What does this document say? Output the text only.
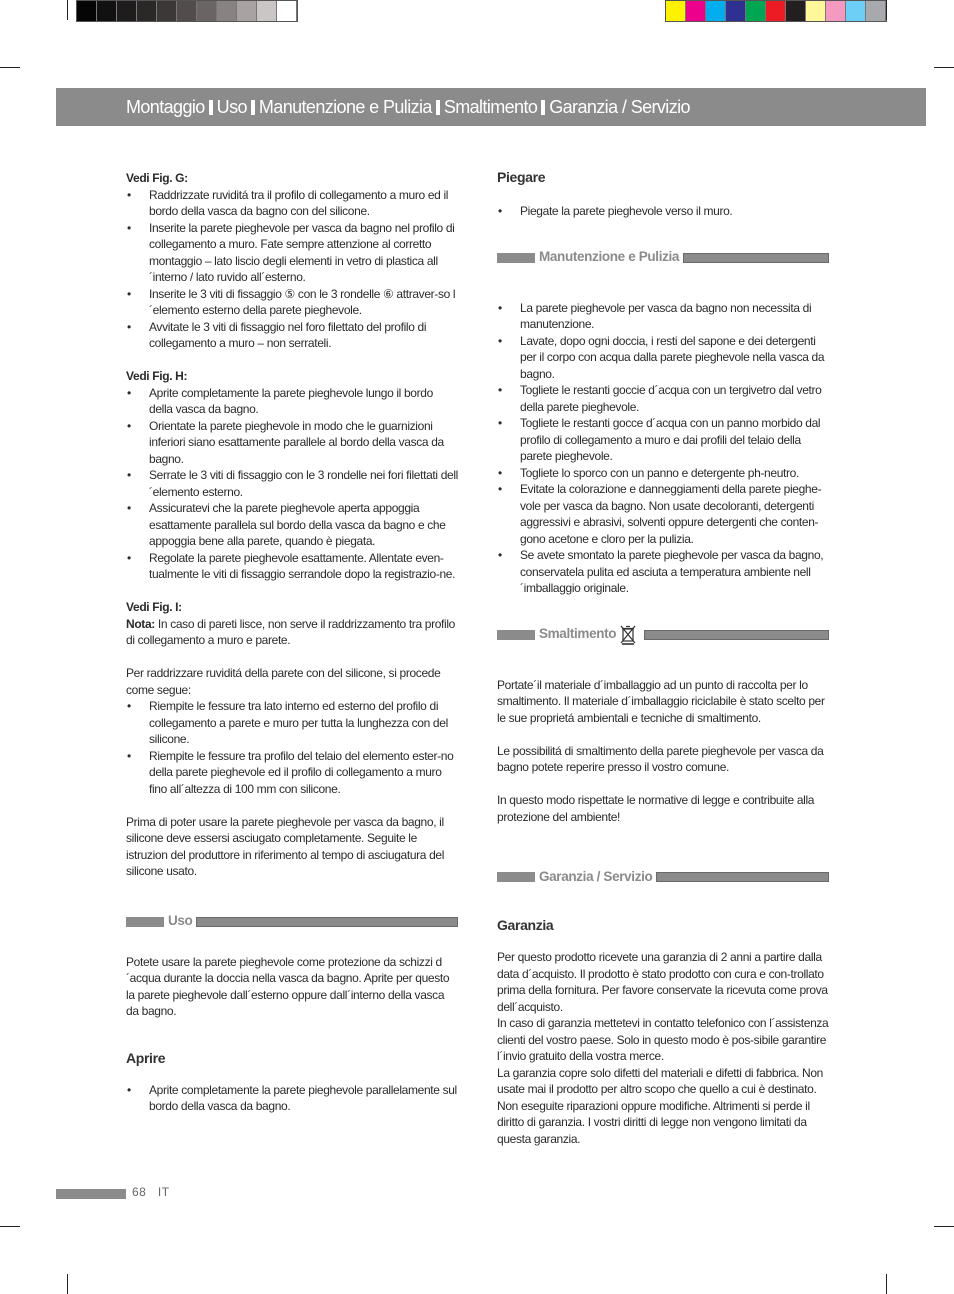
Montaggio Uso Manutenzione e Pulizia Smaltimento Garanzia / Servizio

Vedi Fig. G:

• Raddrizzate ruviditá tra il profilo di collegamento a muro ed il bordo della vasca da bagno con del silicone.
• Inserite la parete pieghevole per vasca da bagno nel profilo di collegamento a muro. Fate sempre attenzione al corretto montaggio – lato liscio degli elementi in vetro di plastica all´interno / lato ruvido all´esterno.
• Inserite le 3 viti di fissaggio ⑤ con le 3 rondelle ⑥ attraver-so l´elemento esterno della parete pieghevole.
• Avvitate le 3 viti di fissaggio nel foro filettato del profilo di collegamento a muro – non serrateli.

Vedi Fig. H:

• Aprite completamente la parete pieghevole lungo il bordo della vasca da bagno.
• Orientate la parete pieghevole in modo che le guarnizioni inferiori siano esattamente parallele al bordo della vasca da bagno.
• Serrate le 3 viti di fissaggio con le 3 rondelle nei fori filettati dell´elemento esterno.
• Assicuratevi che la parete pieghevole aperta appoggia esattamente parallela sul bordo della vasca da bagno e che appoggia bene alla parete, quando è piegata.
• Regolate la parete pieghevole esattamente. Allentate even-tualmente le viti di fissaggio serrandole dopo la registrazio-ne.

Vedi Fig. I:

Nota: In caso di pareti lisce, non serve il raddrizzamento tra profilo di collegamento a muro e parete.

Per raddrizzare ruviditá della parete con del silicone, si procede come segue:

• Riempite le fessure tra lato interno ed esterno del profilo di collegamento a parete e muro per tutta la lunghezza con del silicone.
• Riempite le fessure tra profilo del telaio del elemento ester-no della parete pieghevole ed il profilo di collegamento a muro fino all´altezza di 100 mm con silicone.

Prima di poter usare la parete pieghevole per vasca da bagno, il silicone deve essersi asciugato completamente. Seguite le istruzion del produttore in riferimento al tempo di asciugatura del silicone usato.

Uso

Potete usare la parete pieghevole come protezione da schizzi d´acqua durante la doccia nella vasca da bagno. Aprite per questo la parete pieghevole dall´esterno oppure dall´interno della vasca da bagno.

Aprire

• Aprite completamente la parete pieghevole parallelamente sul bordo della vasca da bagno.

Piegare

• Piegate la parete pieghevole verso il muro.
Manutenzione e Pulizia
• La parete pieghevole per vasca da bagno non necessita di manutenzione.
• Lavate, dopo ogni doccia, i resti del sapone e dei detergenti per il corpo con acqua dalla parete pieghevole nella vasca da bagno.
• Togliete le restanti goccie d´acqua con un tergivetro dal vetro della parete pieghevole.
• Togliete le restanti gocce d´acqua con un panno morbido dal profilo di collegamento a muro e dai profili del telaio della parete pieghevole.
• Togliete lo sporco con un panno e detergente ph-neutro.
• Evitate la colorazione e danneggiamenti della parete pieghe-vole per vasca da bagno. Non usate decoloranti, detergenti aggressivi e abrasivi, solventi oppure detergenti che conten-gono acetone e cloro per la pulizia.
• Se avete smontato la parete pieghevole per vasca da bagno, conservatela pulita ed asciuta a temperatura ambiente nell´imballaggio originale.
Smaltimento

Portate´il materiale d´imballaggio ad un punto di raccolta per lo smaltimento. Il materiale d´imballaggio riciclabile è stato scelto per le sue proprietá ambientali e tecniche di smaltimento.

Le possibilitá di smaltimento della parete pieghevole per vasca da bagno potete reperire presso il vostro comune.

In questo modo rispettate le normative di legge e contribuite alla protezione del ambiente!

Garanzia / Servizio

Garanzia

Per questo prodotto ricevete una garanzia di 2 anni a partire dalla data d´acquisto. Il prodotto è stato prodotto con cura e con-trollato prima della fornitura. Per favore conservate la ricevuta come prova dell´acquisto.

In caso di garanzia mettetevi in contatto telefonico con l´assistenza clienti del vostro paese. Solo in questo modo è pos-sibile garantire l´invio gratuito della vostra merce.

La garanzia copre solo difetti del materiali e difetti di fabbrica. Non usate mai il prodotto per altro scopo che quello a cui è destinato. Non eseguite riparazioni oppure modifiche. Altrimenti si perde il diritto di garanzia. I vostri diritti di legge non vengono limitati da questa garanzia.

68 IT
